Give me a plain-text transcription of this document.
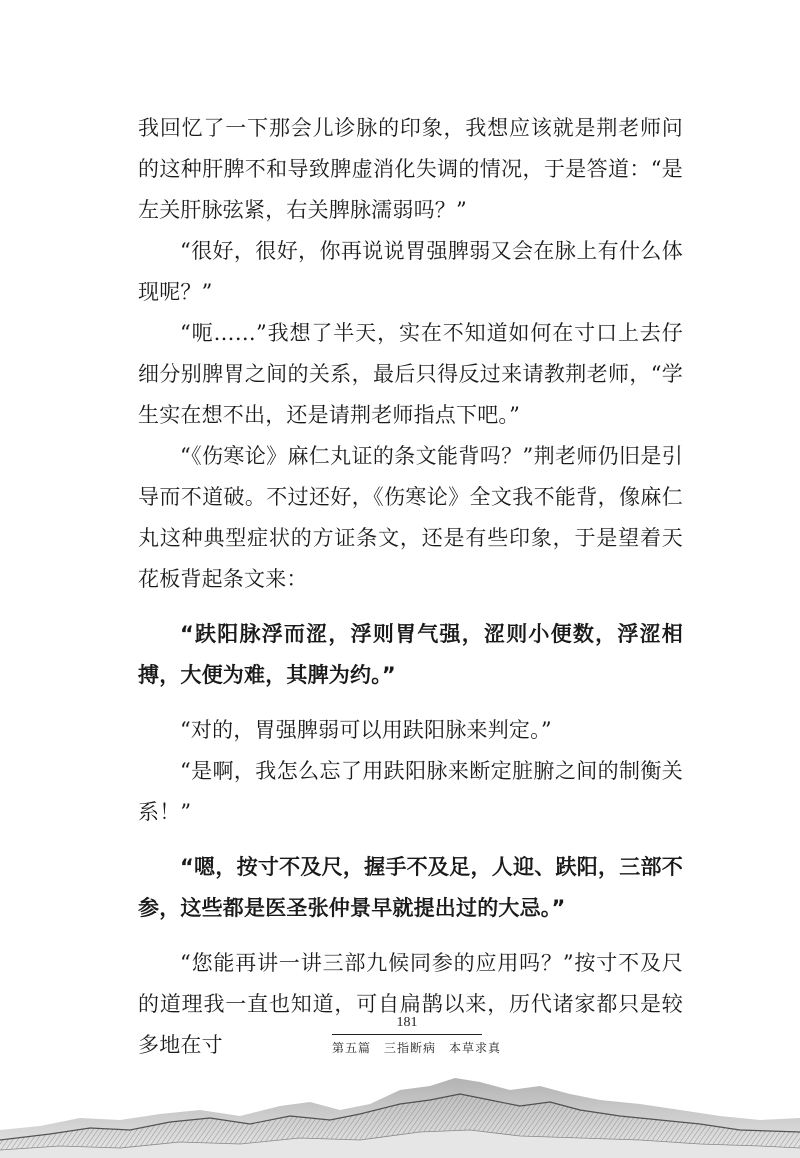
我回忆了一下那会儿诊脉的印象，我想应该就是荆老师问的这种肝脾不和导致脾虚消化失调的情况，于是答道：“是左关肝脉弦紧，右关脾脉濡弱吗？”

“很好，很好，你再说说胃强脾弱又会在脉上有什么体现呢？”

“呃……”我想了半天，实在不知道如何在寸口上去仔细分别脾胃之间的关系，最后只得反过来请教荆老师，“学生实在想不出，还是请荆老师指点下吧。”

“《伤寒论》麻仁丸证的条文能背吗？”荆老师仍旧是引导而不道破。不过还好，《伤寒论》全文我不能背，像麻仁丸这种典型症状的方证条文，还是有些印象，于是望着天花板背起条文来：

“趺阳脉浮而涩，浮则胃气强，涩则小便数，浮涩相搏，大便为难，其脾为约。”

“对的，胃强脾弱可以用趺阳脉来判定。”

“是啊，我怎么忘了用趺阳脉来断定脏腑之间的制衡关系！”

“嗯，按寸不及尺，握手不及足，人迎、趺阳，三部不参，这些都是医圣张仲景早就提出过的大忌。”

“您能再讲一讲三部九候同参的应用吗？”按寸不及尺的道理我一直也知道，可自扁鹊以来，历代诸家都只是较多地在寸

181
第五篇　三指断病　本草求真
